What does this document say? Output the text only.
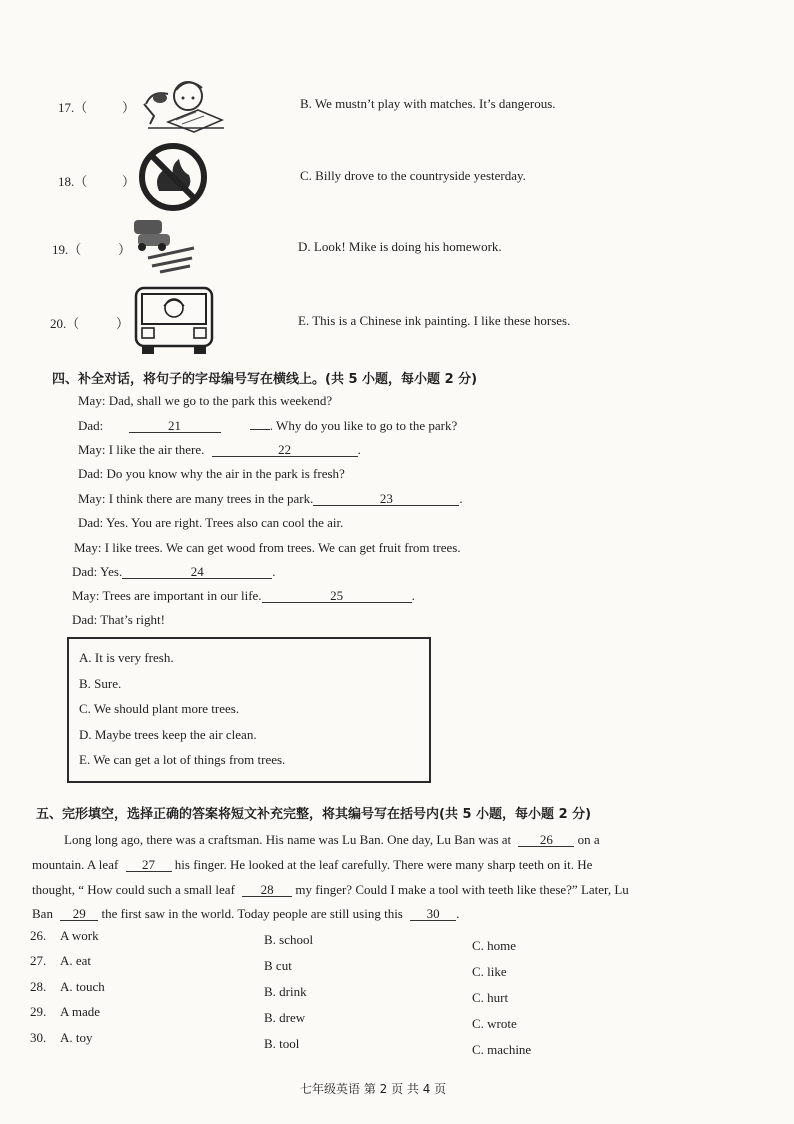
17.（	）	B. We mustn’t play with matches. It’s dangerous.
18.（	）	C. Billy drove to the countryside yesterday.
19.（	）	D. Look! Mike is doing his homework.
20.（	）	E. This is a Chinese ink painting. I like these horses.
四、补全对话，将句子的字母编号写在横线上。(共 5 小题，每小题 2 分)
May: Dad, shall we go to the park this weekend?
Dad:	21	. Why do you like to go to the park?
May: I like the air there.	22	.
Dad: Do you know why the air in the park is fresh?
May: I think there are many trees in the park.	23	.
Dad: Yes. You are right. Trees also can cool the air.
May: I like trees. We can get wood from trees. We can get fruit from trees.
Dad: Yes.	24	.
May: Trees are important in our life.	25	.
Dad: That’s right!
A. It is very fresh.
B. Sure.
C. We should plant more trees.
D. Maybe trees keep the air clean.
E. We can get a lot of things from trees.
五、完形填空，选择正确的答案将短文补充完整，将其编号写在括号内(共 5 小题，每小题 2 分)
Long long ago, there was a craftsman. His name was Lu Ban. One day, Lu Ban was at 26 on a
mountain. A leaf 27 his finger. He looked at the leaf carefully. There were many sharp teeth on it. He
thought, “ How could such a small leaf 28 my finger? Could I make a tool with teeth like these?” Later, Lu
Ban 29 the first saw in the world. Today people are still using this 30 .
26. A work	B. school	C. home
27. A. eat	B cut	C. like
28. A. touch	B. drink	C. hurt
29. A made	B. drew	C. wrote
30. A. toy	B. tool	C. machine
七年级英语 第 2 页 共 4 页
